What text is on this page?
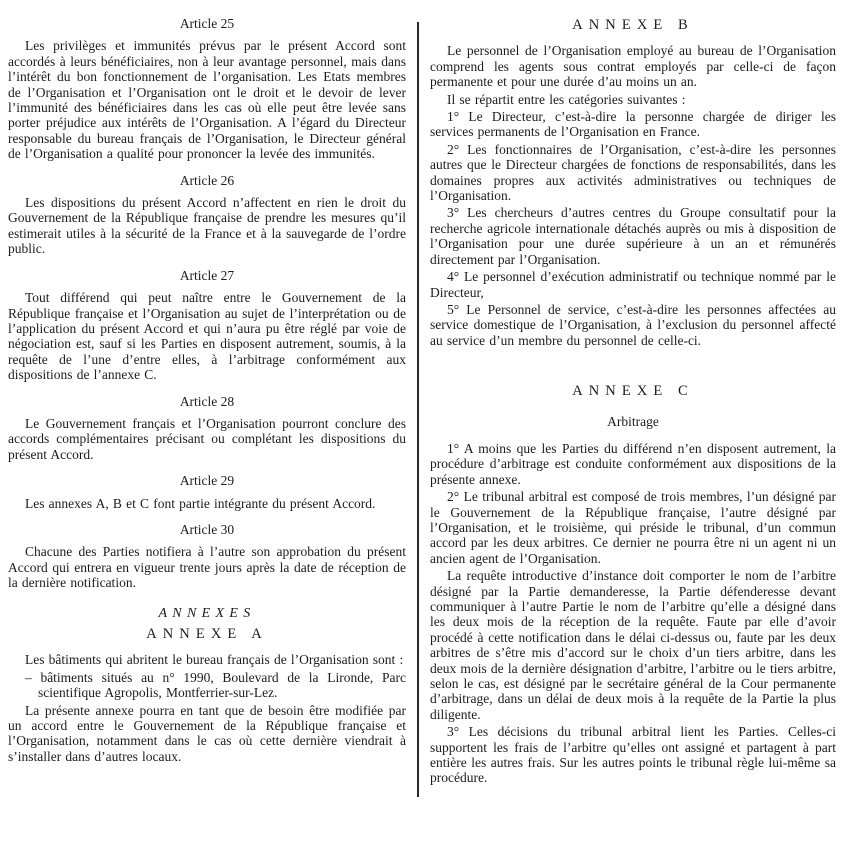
Article 25

Les privilèges et immunités prévus par le présent Accord sont accordés à leurs bénéficiaires, non à leur avantage personnel, mais dans l’intérêt du bon fonctionnement de l’organisation. Les Etats membres de l’Organisation et l’Organisation ont le droit et le devoir de lever l’immunité des bénéficiaires dans les cas où elle peut être levée sans porter préjudice aux intérêts de l’Organisation. A l’égard du Directeur responsable du bureau français de l’Organisation, le Directeur général de l’Organisation a qualité pour prononcer la levée des immunités.

Article 26

Les dispositions du présent Accord n’affectent en rien le droit du Gouvernement de la République française de prendre les mesures qu’il estimerait utiles à la sécurité de la France et à la sauvegarde de l’ordre public.

Article 27

Tout différend qui peut naître entre le Gouvernement de la République française et l’Organisation au sujet de l’interprétation ou de l’application du présent Accord et qui n’aura pu être réglé par voie de négociation est, sauf si les Parties en disposent autrement, soumis, à la requête de l’une d’entre elles, à l’arbitrage conformément aux dispositions de l’annexe C.

Article 28

Le Gouvernement français et l’Organisation pourront conclure des accords complémentaires précisant ou complétant les dispositions du présent Accord.

Article 29

Les annexes A, B et C font partie intégrante du présent Accord.

Article 30

Chacune des Parties notifiera à l’autre son approbation du présent Accord qui entrera en vigueur trente jours après la date de réception de la dernière notification.

ANNEXES
ANNEXE A

Les bâtiments qui abritent le bureau français de l’Organisation sont :

– bâtiments situés au n° 1990, Boulevard de la Lironde, Parc scientifique Agropolis, Montferrier-sur-Lez.

La présente annexe pourra en tant que de besoin être modifiée par un accord entre le Gouvernement de la République française et l’Organisation, notamment dans le cas où cette dernière viendrait à s’installer dans d’autres locaux.

ANNEXE B

Le personnel de l’Organisation employé au bureau de l’Organisation comprend les agents sous contrat employés par celle-ci de façon permanente et pour une durée d’au moins un an.

Il se répartit entre les catégories suivantes :

1° Le Directeur, c’est-à-dire la personne chargée de diriger les services permanents de l’Organisation en France.

2° Les fonctionnaires de l’Organisation, c’est-à-dire les personnes autres que le Directeur chargées de fonctions de responsabilités, dans les domaines propres aux activités administratives ou techniques de l’Organisation.

3° Les chercheurs d’autres centres du Groupe consultatif pour la recherche agricole internationale détachés auprès ou mis à disposition de l’Organisation pour une durée supérieure à un an et rémunérés directement par l’Organisation.

4° Le personnel d’exécution administratif ou technique nommé par le Directeur,

5° Le Personnel de service, c’est-à-dire les personnes affectées au service domestique de l’Organisation, à l’exclusion du personnel affecté au service d’un membre du personnel de celle-ci.

ANNEXE C
Arbitrage

1° A moins que les Parties du différend n’en disposent autrement, la procédure d’arbitrage est conduite conformément aux dispositions de la présente annexe.

2° Le tribunal arbitral est composé de trois membres, l’un désigné par le Gouvernement de la République française, l’autre désigné par l’Organisation, et le troisième, qui préside le tribunal, d’un commun accord par les deux arbitres. Ce dernier ne pourra être ni un agent ni un ancien agent de l’Organisation.

La requête introductive d’instance doit comporter le nom de l’arbitre désigné par la Partie demanderesse, la Partie défenderesse devant communiquer à l’autre Partie le nom de l’arbitre qu’elle a désigné dans les deux mois de la réception de la requête. Faute par elle d’avoir procédé à cette notification dans le délai ci-dessus ou, faute par les deux arbitres de s’être mis d’accord sur le choix d’un tiers arbitre, dans les deux mois de la dernière désignation d’arbitre, l’arbitre ou le tiers arbitre, selon le cas, est désigné par le secrétaire général de la Cour permanente d’arbitrage, dans un délai de deux mois à la requête de la Partie la plus diligente.

3° Les décisions du tribunal arbitral lient les Parties. Celles-ci supportent les frais de l’arbitre qu’elles ont assigné et partagent à part entière les autres frais. Sur les autres points le tribunal règle lui-même sa procédure.
